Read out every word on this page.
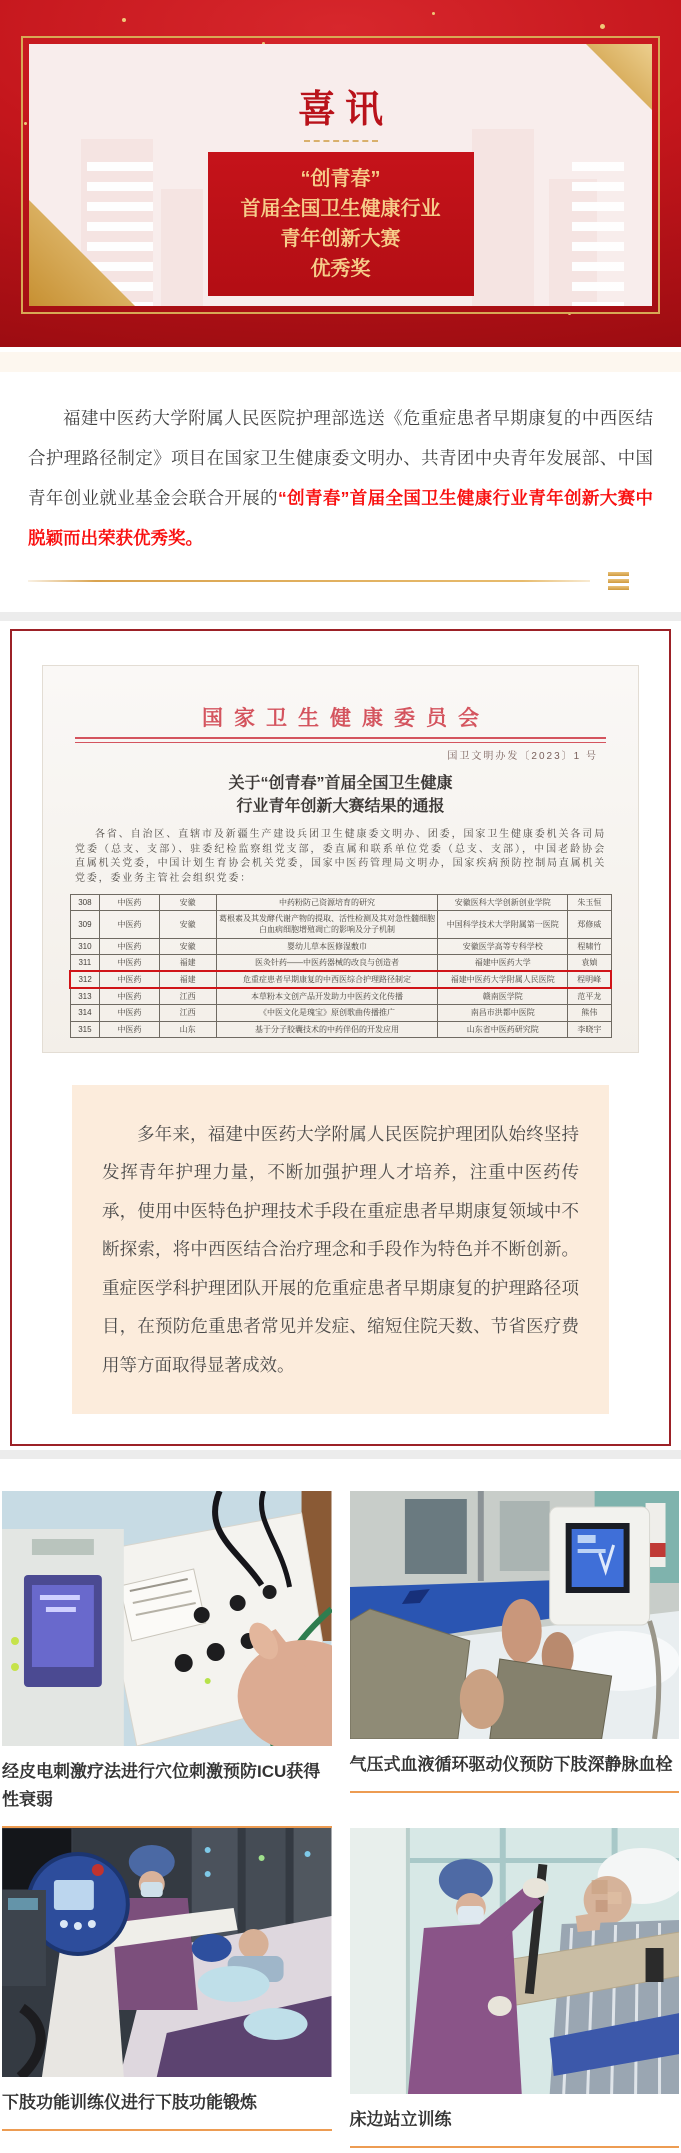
喜讯
“创青春”
首届全国卫生健康行业
青年创新大赛
优秀奖

福建中医药大学附属人民医院护理部选送《危重症患者早期康复的中西医结合护理路径制定》项目在国家卫生健康委文明办、共青团中央青年发展部、中国青年创业就业基金会联合开展的“创青春”首届全国卫生健康行业青年创新大赛中脱颖而出荣获优秀奖。

国家卫生健康委员会
国卫文明办发〔2023〕1 号
关于“创青春”首届全国卫生健康
行业青年创新大赛结果的通报
各省、自治区、直辖市及新疆生产建设兵团卫生健康委文明办、团委，国家卫生健康委机关各司局党委（总支、支部）、驻委纪检监察组党支部，委直属和联系单位党委（总支、支部），中国老龄协会直属机关党委，中国计划生育协会机关党委，国家中医药管理局文明办，国家疾病预防控制局直属机关党委，委业务主管社会组织党委：
308	中医药	安徽	中药粉防己资源培育的研究	安徽医科大学创新创业学院	朱玉恒
309	中医药	安徽	葛根素及其发酵代谢产物的提取、活性检测及其对急性髓细胞白血病细胞增殖凋亡的影响及分子机制	中国科学技术大学附属第一医院	郑修威
310	中医药	安徽	婴幼儿草本医修湿敷巾	安徽医学高等专科学校	程啸竹
311	中医药	福建	医灸针药——中医药器械的改良与创造者	福建中医药大学	袁媜
312	中医药	福建	危重症患者早期康复的中西医综合护理路径制定	福建中医药大学附属人民医院	程明峰
313	中医药	江西	本草粉本文创产品开发助力中医药文化传播	赣南医学院	范平龙
314	中医药	江西	《中医文化是瑰宝》原创歌曲传播推广	南昌市洪都中医院	熊伟
315	中医药	山东	基于分子胶囊技术的中药伴侣的开发应用	山东省中医药研究院	李晓宇
多年来，福建中医药大学附属人民医院护理团队始终坚持发挥青年护理力量，不断加强护理人才培养，注重中医药传承，使用中医特色护理技术手段在重症患者早期康复领域中不断探索，将中西医结合治疗理念和手段作为特色并不断创新。重症医学科护理团队开展的危重症患者早期康复的护理路径项目，在预防危重患者常见并发症、缩短住院天数、节省医疗费用等方面取得显著成效。
经皮电刺激疗法进行穴位刺激预防ICU获得性衰弱
气压式血液循环驱动仪预防下肢深静脉血栓
下肢功能训练仪进行下肢功能锻炼
床边站立训练
